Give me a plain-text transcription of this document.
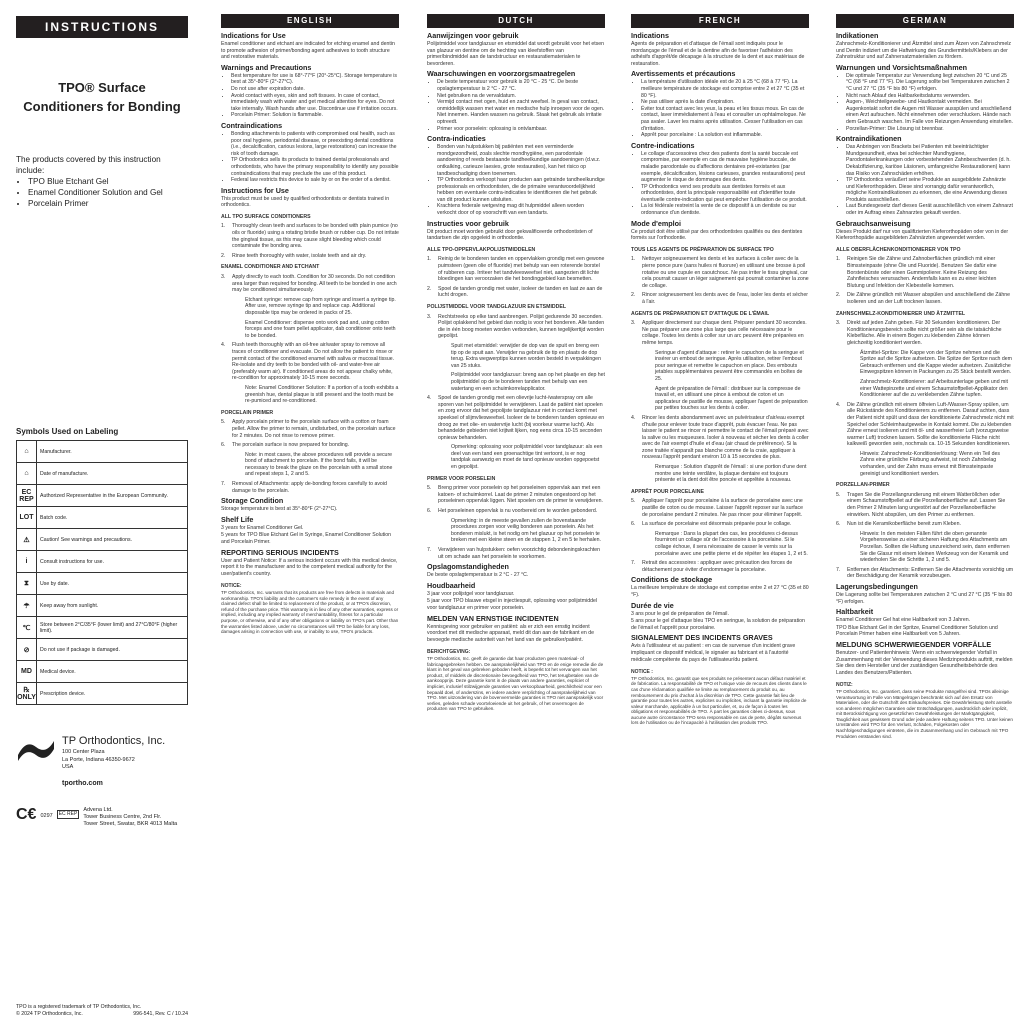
INSTRUCTIONS
TPO® Surface
Conditioners for Bonding
The products covered by this instruction include:
• TPO Blue Etchant Gel
• Enamel Conditioner Solution and Gel
• Porcelain Primer
Symbols Used on Labeling
⌂	Manufacturer.
⌂	Date of manufacture.
EC REP	Authorized Representative in the European Community.
LOT	Batch code.
⚠	Caution! See warnings and precautions.
i	Consult instructions for use.
⧗	Use by date.
☂	Keep away from sunlight.
℃	Store between 2°C/35°F (lower limit) and 27°C/80°F (higher limit).
⊘	Do not use if package is damaged.
MD	Medical device.
℞ ONLY	Prescription device.
TP Orthodontics, Inc.
100 Center Plaza
La Porte, Indiana 46350-9672
USA
tportho.com
C€ 0297	EC REP
Advena Ltd.
Tower Business Centre, 2nd Flr.
Tower Street, Swatar, BKR 4013 Malta
TPO is a registered trademark of TP Orthodontics, Inc.
© 2024 TP Orthodontics, Inc.	996-541, Rev. C / 10.24
ENGLISH
Indications for Use

Enamel conditioner and etchant are indicated for etching enamel and dentin to promote adhesion of primer/bonding agent adhesives to tooth structure and restorative materials.

Warnings and Precautions
• Best temperature for use is 68°-77°F (20°-25°C). Storage temperature is best at 35°-80°F (2°-27°C).
• Do not use after expiration date.
• Avoid contact with eyes, skin and soft tissues. In case of contact, immediately wash with water and get medical attention for eyes. Do not take internally. Wash hands after use. Discontinue use if irritation occurs.
• Porcelain Primer: Solution is flammable.
Contraindications
• Bonding attachments to patients with compromised oral health, such as poor oral hygiene, periodontal disease, or preexisting dental conditions (i.e., decalcification, carious lesions, large restorations) can increase the risk of tooth damage.
• TP Orthodontics sells its products to trained dental professionals and orthodontists, who have the primary responsibility to identify any possible contraindications that may preclude the use of this product.
• Federal law restricts this device to sale by or on the order of a dentist.
Instructions for Use

This product must be used by qualified orthodontists or dentists trained in orthodontics.

ALL TPO SURFACE CONDITIONERS
1.	Thoroughly clean teeth and surfaces to be bonded with plain pumice (no oils or fluoride) using a rotating bristle brush or rubber cup. Do not irritate the gingival tissue, as this may cause slight bleeding which could contaminate the bonding area.
2.	Rinse teeth thoroughly with water, isolate teeth and air dry.
ENAMEL CONDITIONER AND ETCHANT
3.	Apply directly to each tooth. Condition for 30 seconds. Do not condition area larger than required for bonding. All teeth to be bonded in one arch may be conditioned simultaneously.
Etchant syringe: remove cap from syringe and insert a syringe tip. After use, remove syringe tip and replace cap. Additional disposable tips may be ordered in packs of 25.
Enamel Conditioner: dispense onto work pad and, using cotton forceps and one foam pellet applicator, dab conditioner onto teeth to be bonded.
4.	Flush teeth thoroughly with an oil-free air/water spray to remove all traces of conditioner and evacuate. Do not allow the patient to rinse or permit contact of the conditioned enamel with saliva or mucosal tissue. Re-isolate and dry teeth to be bonded with oil- and water-free air (preferably warm air). If conditioned areas do not appear chalky white, re-condition for approximately 10-15 more seconds.
Note: Enamel Conditioner Solution: If a portion of a tooth exhibits a greenish hue, dental plaque is still present and the tooth must be re-pumiced and re-conditioned.
PORCELAIN PRIMER
5.	Apply porcelain primer to the porcelain surface with a cotton or foam pellet. Allow the primer to remain, undisturbed, on the porcelain surface for 2 minutes. Do not rinse to remove primer.
6.	The porcelain surface is now prepared for bonding.
Note: in most cases, the above procedures will provide a secure bond of attachment to porcelain. If the bond fails, it will be necessary to break the glaze on the porcelain with a small stone and repeat steps 1, 2 and 5.
7.	Removal of Attachments: apply de-bonding forces carefully to avoid damage to the porcelain.
Storage Condition

Storage temperature is best at 35°-80°F (2°-27°C).

Shelf Life

3 years for Enamel Conditioner Gel.

5 years for TPO Blue Etchant Gel in Syringe, Enamel Conditioner Solution and Porcelain Primer.

REPORTING SERIOUS INCIDENTS

User and Patient Notice: If a serious incident occurs with this medical device, report it to the manufacturer and to the competent medical authority for the user/patient's country.

NOTICE:
TP Orthodontics, Inc. warrants that its products are free from defects in materials and workmanship. TPO's liability and the customer's sole remedy in the event of any claimed defect shall be limited to replacement of the product, or at TPO's discretion, refund of the purchase price. This warranty is in lieu of any other warranties, express or implied, including any implied warranty of merchantability, fitness for a particular purpose, or otherwise, and of any other obligations or liability on TPO's part. Other than the warranties listed above, under no circumstances will TPO be liable for any loss, damages arising in connection with use, or inability to use, TPO's products.
DUTCH
Aanwijzingen voor gebruik

Polijstmiddel voor tandglazuur en etsmiddel dat wordt gebruikt voor het etsen van glazuur en dentine om de hechting van kleefstoffen van primer/bindmiddel aan de tandstructuur en restauratiematerialen te bevorderen.

Waarschuwingen en voorzorgsmaatregelen
• De beste temperatuur voor gebruik is 20 °C - 25 °C. De beste opslagtemperatuur is 2 °C - 27 °C.
• Niet gebruiken na de vervaldatum.
• Vermijd contact met ogen, huid en zacht weefsel. In geval van contact, onmiddellijk wassen met water en medische hulp inroepen voor de ogen. Niet innemen. Handen wassen na gebruik. Staak het gebruik als irritatie optreedt.
• Primer voor porselein: oplossing is ontvlambaar.
Contra-indicaties
• Bonden van hulpstukken bij patiënten met een verminderde mondgezondheid, zoals slechte mondhygiëne, een parodontale aandoening of reeds bestaande tandheelkundige aandoeningen (d.w.z. ontkalking, carieuze laesies, grote restauraties), kan het risico op tandbeschadiging doen toenemen.
• TP Orthodontics verkoopt haar producten aan getrainde tandheelkundige professionals en orthodontisten, die de primaire verantwoordelijkheid hebben om eventuele contra-indicaties te identificeren die het gebruik van dit product kunnen uitsluiten.
• Krachtens federale wetgeving mag dit hulpmiddel alleen worden verkocht door of op voorschrift van een tandarts.
Instructies voor gebruik

Dit product moet worden gebruikt door gekwalificeerde orthodontisten of tandartsen die zijn opgeleid in orthodontie.

ALLE TPO-OPPERVLAKPOLIJSTMIDDELEN
1.	Reinig de te bonderen tanden en oppervlakken grondig met een gewone puimsteen (geen olie of fluoride) met behulp van een roterende borstel of rubberen cup. Irriteer het tandvleesweefsel niet, aangezien dit lichte bloedingen kan veroorzaken die het bondinggebied kan besmetten.
2.	Spoel de tanden grondig met water, isoleer de tanden en laat ze aan de lucht drogen.
POLIJSTMIDDEL VOOR TANDGLAZUUR EN ETSMIDDEL
3.	Rechtstreeks op elke tand aanbrengen. Polijst gedurende 30 seconden. Polijst oplakkend het gebied dan nodig is voor het bonderen. Alle tanden die in één boog moeten worden verbonden, kunnen tegelijkertijd worden gepolijst.
Spuit met etsmiddel: verwijder de dop van de spuit en breng een tip op de spuit aan. Verwijder na gebruik de tip en plaats de dop terug. Extra wegwerptips kunnen worden besteld in verpakkingen van 25 stuks.
Polijstmiddel voor tandglazuur: breng aan op het plaatje en dep het polijstmiddel op de te bonderen tanden met behulp van een watertang en een schuimkorrelapplicator.
4.	Spoel de tanden grondig met een olievrije lucht-/waterspray om alle sporen van het polijstmiddel te verwijderen. Laat de patiënt niet spoelen en zorg ervoor dat het gepolijste tandglazuur niet in contact komt met speeksel of slijmvliesweefsel. Isoleer de te bonderen tanden opnieuw en droog ze met olie- en watervrije lucht (bij voorkeur warme lucht). Als behandelde gebieden niet krijtwit lijken, nog eens circa 10-15 seconden opnieuw behandelen.
Opmerking: oplossing voor polijstmiddel voor tandglazuur: als een deel van een tand een groenachtige tint vertoont, is er nog tandplak aanwezig en moet de tand opnieuw worden opgepoetst en gepolijst.
PRIMER VOOR PORSELEIN
5.	Breng primer voor porselein op het porseleinen oppervlak aan met een katoen- of schuimkorrel. Laat de primer 2 minuten ongestoord op het porseleinen oppervlak liggen. Niet spoelen om de primer te verwijderen.
6.	Het porseleinen oppervlak is nu voorbereid om te worden gebonderd.
Opmerking: in de meeste gevallen zullen de bovenstaande procedures zorgen voor veilig bonderen aan porselein. Als het bonderen mislukt, is het nodig om het glazuur op het porselein te breken met een kleine steen en de stappen 1, 2 en 5 te herhalen.
7.	Verwijderen van hulpstukken: oefen voorzichtig debondeningskrachten uit om schade aan het porselein te voorkomen.
Opslagomstandigheden

De beste opslagtemperatuur is 2 °C - 27 °C.

Houdbaarheid

3 jaar voor polijstgel voor tandglazuur.

5 jaar voor TPO blauwe etsgel in injectiespuit, oplossing voor polijstmiddel voor tandglazuur en primer voor porselein.

MELDEN VAN ERNSTIGE INCIDENTEN

Kennisgeving voor gebruiker en patiënt: als er zich een ernstig incident voordoet met dit medische apparaat, meld dit dan aan de fabrikant en de bevoegde medische autoriteit van het land van de gebruiker/patiënt.

BERICHTGEVING:
TP Orthodontics, Inc. geeft de garantie dat haar producten geen materiaal- of fabricagegebreken hebben. De aansprakelijkheid van TPO en de enige remedie die de klant in het geval van gebreken geboden heeft, is beperkt tot het vervangen van het product, of middels de discretionaire bevoegdheid van TPO, het terugbetalen van de aankoopprijs. Deze garantie komt in de plaats van andere garanties, expliciet of impliciet, inclusief stilzwijgende garanties van verkoopbaarheid, geschiktheid voor een bepaald doel, of anderszins, en iedere andere verplichting of aansprakelijkheid van TPO. Met uitzondering van de bovenvermelde garanties is TPO niet aansprakelijk voor verlies, geleden schade voortvloeiende uit het gebruik, of het onvermogen de producten van TPO te gebruiken.
FRENCH
Indications

Agents de préparation et d'attaque de l'émail sont indiqués pour le mordançage de l'émail et de la dentine afin de favoriser l'adhésion des adhésifs d'apprêt/de décapage à la structure de la dent et aux matériaux de restauration.

Avertissements et précautions
• La température d'utilisation idéale est de 20 à 25 °C (68 à 77 °F). La meilleure température de stockage est comprise entre 2 et 27 °C (35 et 80 °F).
• Ne pas utiliser après la date d'expiration.
• Éviter tout contact avec les yeux, la peau et les tissus mous. En cas de contact, laver immédiatement à l'eau et consulter un ophtalmologue. Ne pas avaler. Laver les mains après utilisation. Cesser l'utilisation en cas d'irritation.
• Apprêt pour porcelaine : La solution est inflammable.
Contre-indications
• Le collage d'accessoires chez des patients dont la santé buccale est compromise, par exemple en cas de mauvaise hygiène buccale, de maladie parodontale ou d'affections dentaires pré-existantes (par exemple, décalcification, lésions carieuses, grandes restaurations) peut augmenter le risque de dommages des dents.
• TP Orthodontics vend ses produits aux dentistes formés et aux orthodontistes, dont la principale responsabilité est d'identifier toute éventuelle contre-indication qui peut empêcher l'utilisation de ce produit.
• La loi fédérale restreint la vente de ce dispositif à un dentiste ou sur ordonnance d'un dentiste.
Mode d'emploi

Ce produit doit être utilisé par des orthodontistes qualifiés ou des dentistes formés sur l'orthodontie.

TOUS LES AGENTS DE PRÉPARATION DE SURFACE TPO
1.	Nettoyer soigneusement les dents et les surfaces à coller avec de la pierre ponce pure (sans huiles ni fluorure) en utilisant une brosse à poil rotative ou une cupule en caoutchouc. Ne pas irriter le tissu gingival, car cela pourrait causer un léger saignement qui pourrait contaminer la zone de collage.
2.	Rincer soigneusement les dents avec de l'eau, isoler les dents et sécher à l'air.
AGENTS DE PRÉPARATION ET D'ATTAQUE DE L'ÉMAIL
3.	Appliquer directement sur chaque dent. Préparer pendant 30 secondes. Ne pas préparer une zone plus large que celle nécessaire pour le collage. Toutes les dents à coller sur un arc peuvent être préparées en même temps.
Seringue d'agent d'attaque : retirer le capuchon de la seringue et insérer un embout de seringue. Après utilisation, retirer l'embout pour seringue et remettre le capuchon en place. Des embouts jetables supplémentaires peuvent être commandés en boîtes de 25.
Agent de préparation de l'émail : distribuer sur la compresse de travail et, en utilisant une pince à embout de coton et un applicateur de pastille de mousse, appliquer l'agent de préparation par petites touches sur les dents à coller.
4.	Rincer les dents abondamment avec un pulvérisateur d'air/eau exempt d'huile pour enlever toute trace d'apprêt, puis évacuer l'eau. Ne pas laisser le patient se rincer ni permettre le contact de l'émail préparé avec la salive ou les muqueuses. Isoler à nouveau et sécher les dents à coller avec de l'air exempt d'huile et d'eau (air chaud de préférence). Si la zone traitée n'apparaît pas blanche comme de la craie, appliquer à nouveau l'apprêt pendant environ 10 à 15 secondes de plus.
Remarque : Solution d'apprêt de l'émail : si une portion d'une dent montre une teinte verdâtre, la plaque dentaire est toujours présente et la dent doit être poncée et apprêtée à nouveau.
APPRÊT POUR PORCELAINE
5.	Appliquer l'apprêt pour porcelaine à la surface de porcelaine avec une pastille de coton ou de mousse. Laisser l'apprêt reposer sur la surface de porcelaine pendant 2 minutes. Ne pas rincer pour éliminer l'apprêt.
6.	La surface de porcelaine est désormais préparée pour le collage.
Remarque : Dans la plupart des cas, les procédures ci-dessus fourniront un collage sûr de l'accessoire à la porcelaine. Si le collage échoue, il sera nécessaire de casser le vernis sur la porcelaine avec une petite pierre et de répéter les étapes 1, 2 et 5.
7.	Retrait des accessoires : appliquer avec précaution des forces de détachement pour éviter d'endommager la porcelaine.
Conditions de stockage

La meilleure température de stockage est comprise entre 2 et 27 °C (35 et 80 °F).

Durée de vie

3 ans pour le gel de préparation de l'émail.

5 ans pour le gel d'attaque bleu TPO en seringue, la solution de préparation de l'émail et l'apprêt pour porcelaine.

SIGNALEMENT DES INCIDENTS GRAVES

Avis à l'utilisateur et au patient : en cas de survenue d'un incident grave impliquant ce dispositif médical, le signaler au fabricant et à l'autorité médicale compétente du pays de l'utilisateur/du patient.

NOTICE :
TP Orthodontics, Inc. garantit que ses produits ne présentent aucun défaut matériel et de fabrication. La responsabilité de TPO et l'unique voie de recours des clients dans le cas d'une réclamation qualifiée se limite au remplacement du produit ou, au remboursement du prix d'achat à la discrétion de TPO. Cette garantie fait lieu de garantie pour toutes les autres, explicites ou implicites, incluant la garantie implicite de valeur marchande, applicable à un but particulier, et, ou de façon à toutes les obligations et responsabilités de TPO. À part les garanties citées ci-dessus, sous aucune autre circonstance TPO sera responsable en cas de perte, dégâts survenus lors de l'utilisation ou de l'incapacité à l'utilisation des produits TPO.
GERMAN
Indikationen

Zahnschmelz-Konditionierer und Ätzmittel sind zum Ätzen von Zahnschmelz und Dentin indiziert um die Haftwirkung des Grundiermittels/Klebers an der Zahnstruktur und auf Zahnersatzmaterialien zu fördern.

Warnungen und Vorsichtsmaßnahmen
• Die optimale Temperatur zur Verwendung liegt zwischen 20 °C und 25 °C (68 °F und 77 °F). Die Lagerung sollte bei Temperaturen zwischen 2 °C und 27 °C (35 °F bis 80 °F) erfolgen.
• Nicht nach Ablauf des Haltbarkeitsdatums verwenden.
• Augen-, Weichteilgewebe- und Hautkontakt vermeiden. Bei Augenkontakt sofort die Augen mit Wasser ausspülen und anschließend einen Arzt aufsuchen. Nicht einnehmen oder verschlucken. Hände nach dem Gebrauch waschen. Im Falle von Reizungen Anwendung einstellen.
• Porzellan-Primer: Die Lösung ist brennbar.
Kontraindikationen
• Das Anbringen von Brackets bei Patienten mit beeinträchtigter Mundgesundheit, etwa bei schlechter Mundhygiene, Parodontalerkrankungen oder vorbestehenden Zahnbeschwerden (d. h. Dekalzifizierung, kariöse Läsionen, umfangreiche Restaurationen) kann das Risiko von Zahnschäden erhöhen.
• TP Orthodontics veräußert seine Produkte an ausgebildete Zahnärzte und Kieferorthopäden. Diese sind vorrangig dafür verantwortlich, mögliche Kontraindikationen zu erkennen, die eine Anwendung dieses Produkts ausschließen.
• Laut Bundesgesetz darf dieses Gerät ausschließlich von einem Zahnarzt oder im Auftrag eines Zahnarztes gekauft werden.
Gebrauchsanweisung

Dieses Produkt darf nur von qualifizierten Kieferorthopäden oder von in der Kieferorthopädie ausgebildeten Zahnärzten angewendet werden.

ALLE OBERFLÄCHENKONDITIONIERER VON TPO
1.	Reinigen Sie die Zähne und Zahnoberflächen gründlich mit einer Bimssteinpaste (ohne Öle und Fluoride). Benutzen Sie dafür eine Borstenbürste oder einen Gummipolierer. Keine Reizung des Zahnfleisches verursachen. Andernfalls kann es zu einer leichten Blutung und Infektion der Klebestelle kommen.
2.	Die Zähne gründlich mit Wasser abspülen und anschließend die Zähne isolieren und an der Luft trocknen lassen.
ZAHNSCHMELZ-KONDITIONIERER UND ÄTZMITTEL
3.	Direkt auf jeden Zahn geben. Für 30 Sekunden konditionieren. Der Konditionierungsbereich sollte nicht größer sein als die tatsächliche Klebefläche. Alle in einem Bogen zu klebenden Zähne können gleichzeitig konditioniert werden.
Ätzmittel-Spritze: Die Kappe von der Spritze nehmen und die Spritze auf die Spritze aufsetzen. Die Spitze der Spritze nach dem Gebrauch entfernen und die Kappe wieder aufsetzen. Zusätzliche Einwegspitzen können in Packungen zu 25 Stück bestellt werden.
Zahnschmelz-Konditionierer: auf Arbeitsunterlage geben und mit einer Wattepinzette und einem Schaumstoffpellet-Applikator den Konditionierer auf die zu verklebenden Zähne tupfen.
4.	Die Zähne gründlich mit einem ölfreien Luft-/Wasser-Spray spülen, um alle Rückstände des Konditionierers zu entfernen. Darauf achten, dass der Patient nicht spült und dass der konditionierte Zahnschmelz nicht mit Speichel oder Schleimhautgewebe in Kontakt kommt. Die zu klebenden Zähne erneut isolieren und mit öl- und wasserfreier Luft (vorzugsweise warmer Luft) trocknen lassen. Sollte die konditionierte Fläche nicht kalkweiß geworden sein, nochmals ca. 10-15 Sekunden konditionieren.
Hinweis: Zahnschmelz-Konditionierlösung: Wenn ein Teil des Zahns eine grünliche Färbung aufweist, ist noch Zahnbelag vorhanden, und der Zahn muss erneut mit Bimssteinpaste gereinigt und konditioniert werden.
PORZELLAN-PRIMER
5.	Tragen Sie die Porzellangrundierung mit einem Watteröllchen oder einem Schaumstoffpellet auf die Porzellanoberfläche auf. Lassen Sie den Primer 2 Minuten lang ungestört auf der Porzellanoberfläche einwirken. Nicht abspülen, um den Primer zu entfernen.
6.	Nun ist die Keramikoberfläche bereit zum Kleben.
Hinweis: In den meisten Fällen führt die oben genannte Vorgehensweise zu einer sicheren Haftung des Attachments am Porzellan. Sollten die Haftung unzureichend sein, dann entfernen Sie die Glasur mit einem kleinen Werkzeug von der Keramik und wiederholen Sie die Schritte 1, 2 und 5.
7.	Entfernen der Attachments: Entfernen Sie die Attachments vorsichtig um der Beschädigung der Keramik vorzubeugen.
Lagerungsbedingungen

Die Lagerung sollte bei Temperaturen zwischen 2 °C und 27 °C (35 °F bis 80 °F) erfolgen.

Haltbarkeit

Enamel Conditioner Gel hat eine Haltbarkeit von 3 Jahren.

TPO Blue Etchant Gel in der Spritze, Enamel Conditioner Solution und Porcelain Primer haben eine Haltbarkeit von 5 Jahren.

MELDUNG SCHWERWIEGENDER VORFÄLLE

Benutzer- und Patientenhinweis: Wenn ein schwerwiegender Vorfall in Zusammenhang mit der Verwendung dieses Medizinprodukts auftritt, melden Sie dies dem Hersteller und der zuständigen Gesundheitsbehörde des Landes des Benutzers/Patienten.

NOTIZ:
TP Orthodontics, Inc. garantiert, dass seine Produkte mängelfrei sind. TPOs alleinige Verantwortung im Falle von Mängelrügen beschränkt sich auf den Ersatz von Materialien, oder die Gutschrift des Einkaufspreises. Die Gewährleistung steht anstelle von anderen möglichen Garantien oder Entschädigungen, ausdrücklich oder implizit, mit Berücksichtigung von gesetzlichen Gewährleistungen der Marktgängigkeit, Tauglichkeit aus gewissem Grund oder jede andere Haftung seitens TPO. Unter keinen Umständen wird TPO für den Verlust, Schäden, Folgekosten oder Nachfolgeschädigungen eintreten, die im Zusammenhang und im Gebrauch mit TPO Produkten entstanden sind.
